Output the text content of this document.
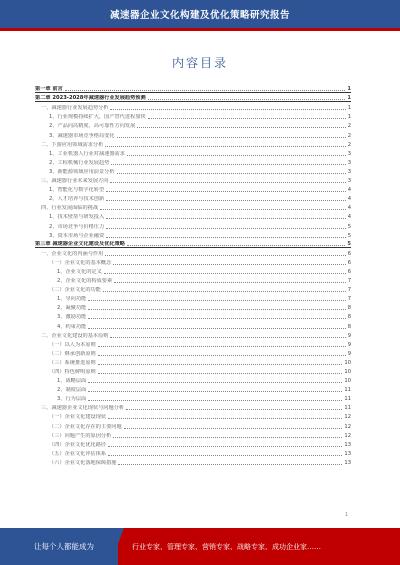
减速器企业文化构建及优化策略研究报告
内容目录
第一章 前言	1
第二章 2023-2028年减速器行业发展趋势预测	1
一、减速器行业发展趋势分析	1
1、行业规模持续扩大，国产替代进程加快	1
2、产品向高精度、高可靠性方向发展	2
3、减速器市场竞争格局变化	2
二、下游应用领域需求分析	2
1、工业机器人行业对减速器需求	3
2、工程机械行业发展趋势	3
3、新能源领域应用前景分析	3
三、减速器行业未来发展方向	3
1、智能化与数字化转型	4
2、人才培养与技术创新	4
四、行业发展面临的挑战	4
1、技术壁垒与研发投入	4
2、市场竞争与价格压力	5
3、资本市场与企业融资	5
第三章 减速器企业文化建设及优化策略	5
一、企业文化的内涵与作用	6
（一）企业文化的基本概念	6
1、企业文化的定义	6
2、企业文化的构成要素	7
（二）企业文化的功能	7
1、导向功能	7
2、凝聚功能	8
3、激励功能	8
4、约束功能	8
二、企业文化建设的基本原则	9
（一）以人为本原则	9
（二）继承创新原则	9
（三）系统推进原则	10
（四）特色鲜明原则	10
1、战略层面	10
2、制度层面	11
3、行为层面	11
三、减速器企业文化现状与问题分析	11
（一）企业文化建设现状	12
（二）企业文化存在的主要问题	12
（三）问题产生的原因分析	12
（四）企业文化优化路径	13
（五）企业文化评估体系	13
（六）企业文化落地保障措施	13
1
让每个人都能成为	行业专家、管理专家、营销专家、战略专家、成功企业家……
